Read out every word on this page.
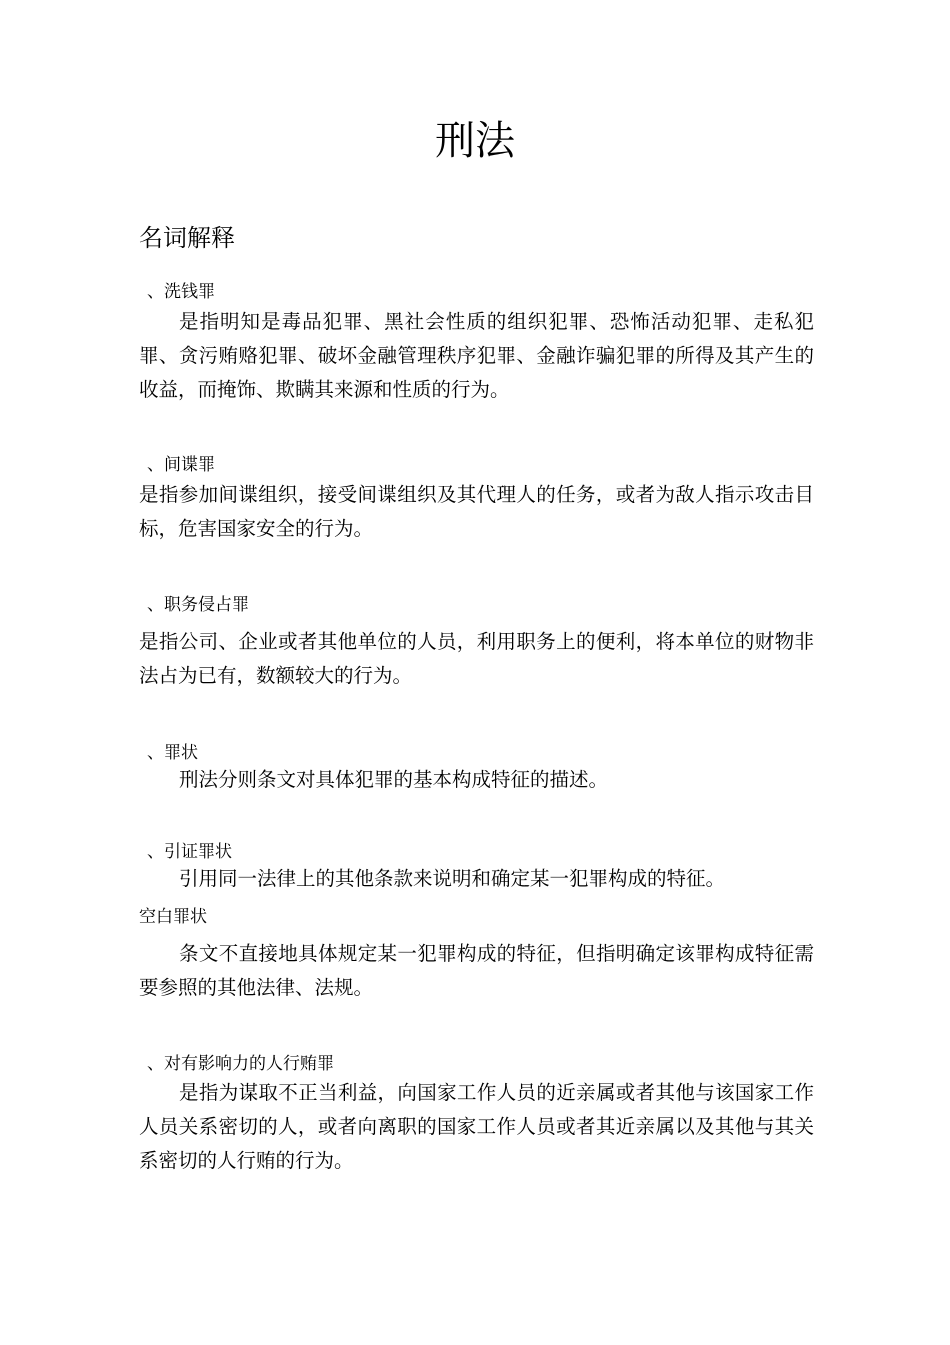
刑法
名词解释
、洗钱罪

是指明知是毒品犯罪、黑社会性质的组织犯罪、恐怖活动犯罪、走私犯罪、贪污贿赂犯罪、破坏金融管理秩序犯罪、金融诈骗犯罪的所得及其产生的收益，而掩饰、欺瞒其来源和性质的行为。

、间谍罪

是指参加间谍组织，接受间谍组织及其代理人的任务，或者为敌人指示攻击目标，危害国家安全的行为。

、职务侵占罪

是指公司、企业或者其他单位的人员，利用职务上的便利，将本单位的财物非法占为已有，数额较大的行为。

、罪状

刑法分则条文对具体犯罪的基本构成特征的描述。

、引证罪状

引用同一法律上的其他条款来说明和确定某一犯罪构成的特征。

空白罪状

条文不直接地具体规定某一犯罪构成的特征，但指明确定该罪构成特征需要参照的其他法律、法规。

、对有影响力的人行贿罪

是指为谋取不正当利益，向国家工作人员的近亲属或者其他与该国家工作人员关系密切的人，或者向离职的国家工作人员或者其近亲属以及其他与其关系密切的人行贿的行为。
